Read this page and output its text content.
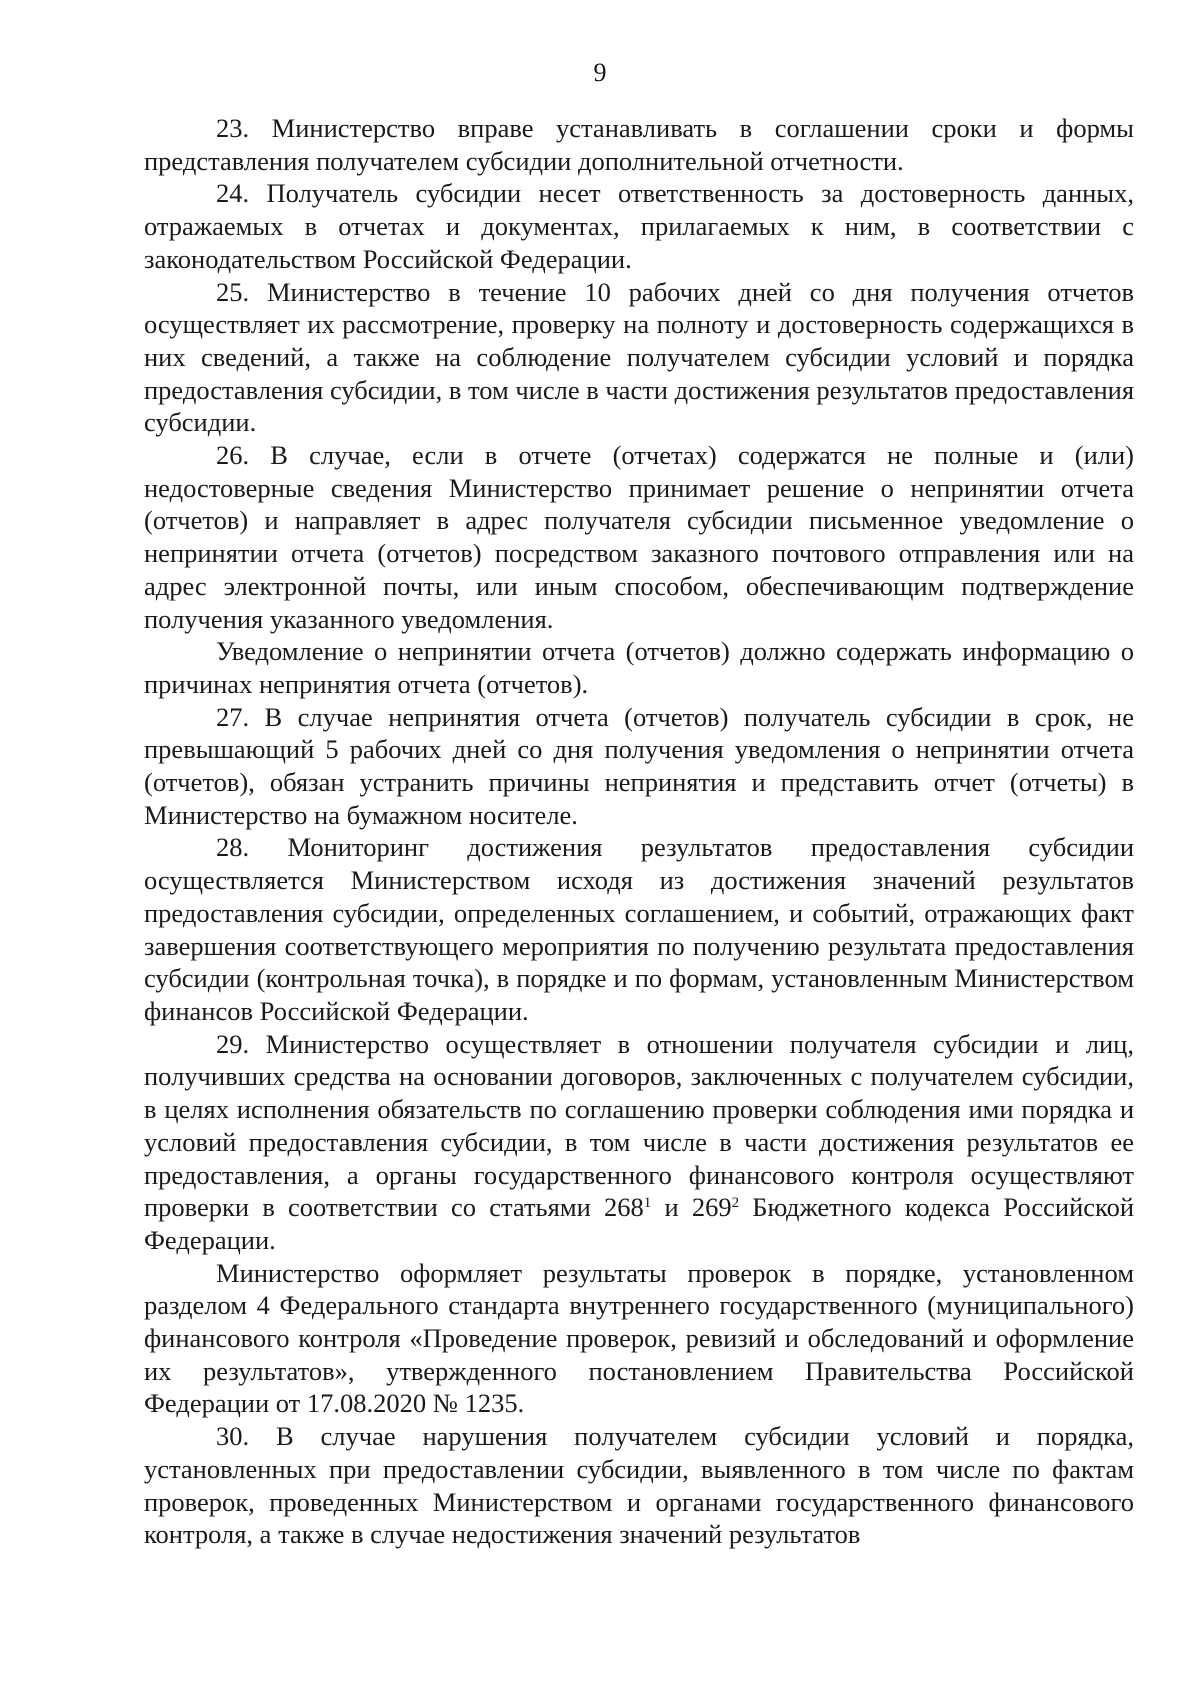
9

23. Министерство вправе устанавливать в соглашении сроки и формы представления получателем субсидии дополнительной отчетности.

24. Получатель субсидии несет ответственность за достоверность данных, отражаемых в отчетах и документах, прилагаемых к ним, в соответствии с законодательством Российской Федерации.

25. Министерство в течение 10 рабочих дней со дня получения отчетов осуществляет их рассмотрение, проверку на полноту и достоверность содержащихся в них сведений, а также на соблюдение получателем субсидии условий и порядка предоставления субсидии, в том числе в части достижения результатов предоставления субсидии.

26. В случае, если в отчете (отчетах) содержатся не полные и (или) недостоверные сведения Министерство принимает решение о непринятии отчета (отчетов) и направляет в адрес получателя субсидии письменное уведомление о непринятии отчета (отчетов) посредством заказного почтового отправления или на адрес электронной почты, или иным способом, обеспечивающим подтверждение получения указанного уведомления.

Уведомление о непринятии отчета (отчетов) должно содержать информацию о причинах непринятия отчета (отчетов).

27. В случае непринятия отчета (отчетов) получатель субсидии в срок, не превышающий 5 рабочих дней со дня получения уведомления о непринятии отчета (отчетов), обязан устранить причины непринятия и представить отчет (отчеты) в Министерство на бумажном носителе.

28. Мониторинг достижения результатов предоставления субсидии осуществляется Министерством исходя из достижения значений результатов предоставления субсидии, определенных соглашением, и событий, отражающих факт завершения соответствующего мероприятия по получению результата предоставления субсидии (контрольная точка), в порядке и по формам, установленным Министерством финансов Российской Федерации.

29. Министерство осуществляет в отношении получателя субсидии и лиц, получивших средства на основании договоров, заключенных с получателем субсидии, в целях исполнения обязательств по соглашению проверки соблюдения ими порядка и условий предоставления субсидии, в том числе в части достижения результатов ее предоставления, а органы государственного финансового контроля осуществляют проверки в соответствии со статьями $268^1$ и $269^2$ Бюджетного кодекса Российской Федерации.

Министерство оформляет результаты проверок в порядке, установленном разделом 4 Федерального стандарта внутреннего государственного (муниципального) финансового контроля «Проведение проверок, ревизий и обследований и оформление их результатов», утвержденного постановлением Правительства Российской Федерации от 17.08.2020 № 1235.

30. В случае нарушения получателем субсидии условий и порядка, установленных при предоставлении субсидии, выявленного в том числе по фактам проверок, проведенных Министерством и органами государственного финансового контроля, а также в случае недостижения значений результатов
